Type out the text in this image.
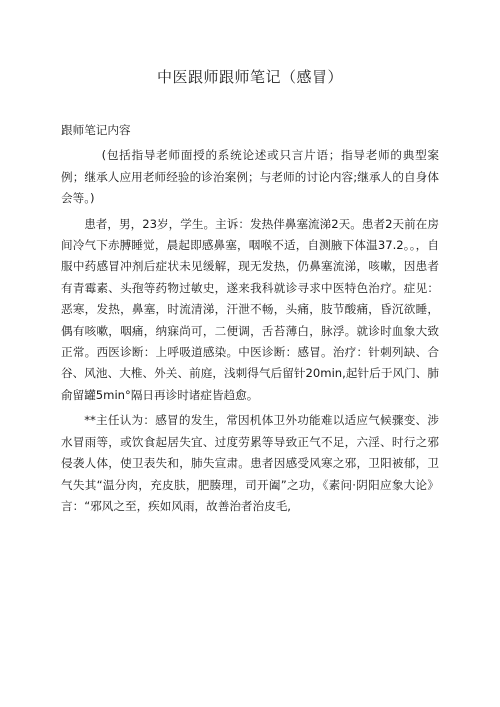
中医跟师跟师笔记（感冒）

跟师笔记内容

(包括指导老师面授的系统论述或只言片语；指导老师的典型案例；继承人应用老师经验的诊治案例；与老师的讨论内容;继承人的自身体会等。)

患者，男，23岁，学生。主诉：发热伴鼻塞流涕2天。患者2天前在房间冷气下赤膊睡觉，晨起即感鼻塞，咽喉不适，自测腋下体温37.2。。，自服中药感冒冲剂后症状未见缓解，现无发热，仍鼻塞流涕，咳嗽，因患者有青霉素、头孢等药物过敏史，遂来我科就诊寻求中医特色治疗。症见：恶寒，发热，鼻塞，时流清涕，汗泄不畅，头痛，肢节酸痛，昏沉欲睡，偶有咳嗽，咽痛，纳寐尚可，二便调，舌苔薄白，脉浮。就诊时血象大致正常。西医诊断：上呼吸道感染。中医诊断：感冒。治疗：针刺列缺、合谷、风池、大椎、外关、前庭，浅刺得气后留针20min,起针后于风门、肺俞留罐5min°隔日再诊时诸症皆趋愈。

**主任认为：感冒的发生，常因机体卫外功能难以适应气候骤变、涉水冒雨等，或饮食起居失宜、过度劳累等导致正气不足，六淫、时行之邪侵袭人体，使卫表失和，肺失宣肃。患者因感受风寒之邪，卫阳被郁，卫气失其“温分肉，充皮肤，肥腠理，司开阖”之功，《素问·阴阳应象大论》言：“邪风之至，疾如风雨，故善治者治皮毛,
